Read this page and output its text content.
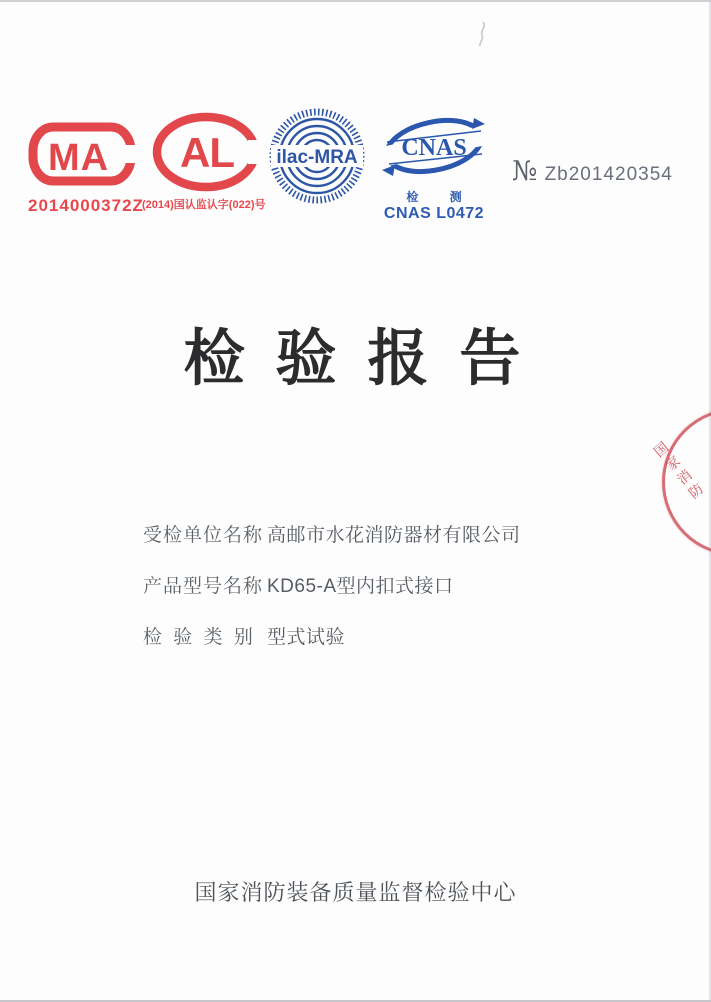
MA
2014000372Z
AL
(2014)国认监认字(022)号
ilac-MRA CNAS
检 测
CNAS L0472
№ Zb201420354
检 验 报 告
国家消防
受检单位名称 高邮市水花消防器材有限公司
产品型号名称 KD65-A型内扣式接口
检 验 类 别 型式试验
国家消防装备质量监督检验中心
